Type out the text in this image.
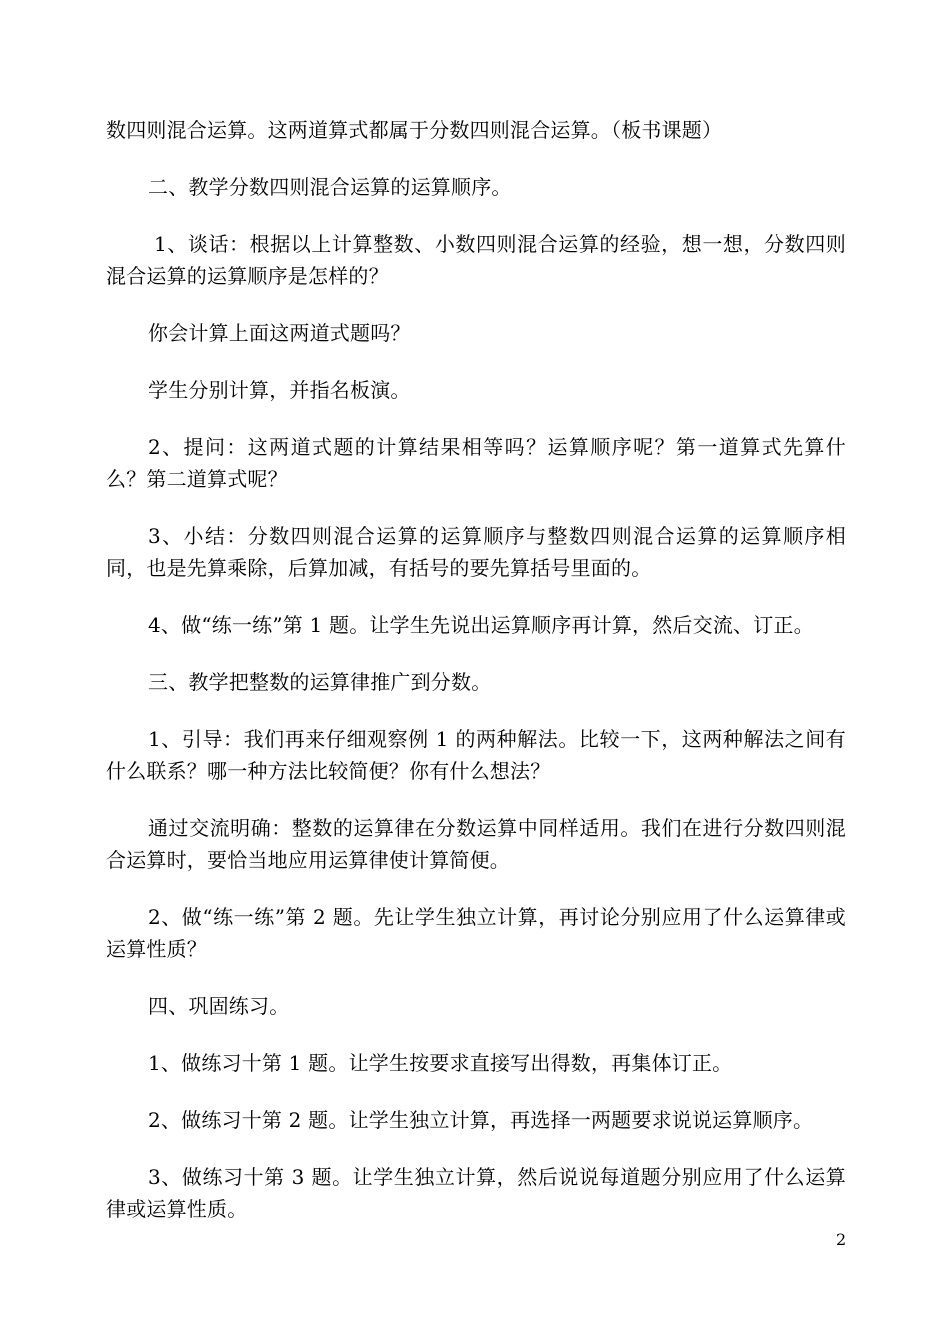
数四则混合运算。这两道算式都属于分数四则混合运算。（板书课题）

二、教学分数四则混合运算的运算顺序。

1、谈话：根据以上计算整数、小数四则混合运算的经验，想一想，分数四则混合运算的运算顺序是怎样的？

你会计算上面这两道式题吗？

学生分别计算，并指名板演。

2、提问：这两道式题的计算结果相等吗？运算顺序呢？第一道算式先算什么？第二道算式呢？

3、小结：分数四则混合运算的运算顺序与整数四则混合运算的运算顺序相同，也是先算乘除，后算加减，有括号的要先算括号里面的。

4、做“练一练”第 1 题。让学生先说出运算顺序再计算，然后交流、订正。

三、教学把整数的运算律推广到分数。

1、引导：我们再来仔细观察例 1 的两种解法。比较一下，这两种解法之间有什么联系？哪一种方法比较简便？你有什么想法？

通过交流明确：整数的运算律在分数运算中同样适用。我们在进行分数四则混合运算时，要恰当地应用运算律使计算简便。

2、做“练一练”第 2 题。先让学生独立计算，再讨论分别应用了什么运算律或运算性质？

四、巩固练习。

1、做练习十第 1 题。让学生按要求直接写出得数，再集体订正。

2、做练习十第 2 题。让学生独立计算，再选择一两题要求说说运算顺序。

3、做练习十第 3 题。让学生独立计算，然后说说每道题分别应用了什么运算律或运算性质。

2
